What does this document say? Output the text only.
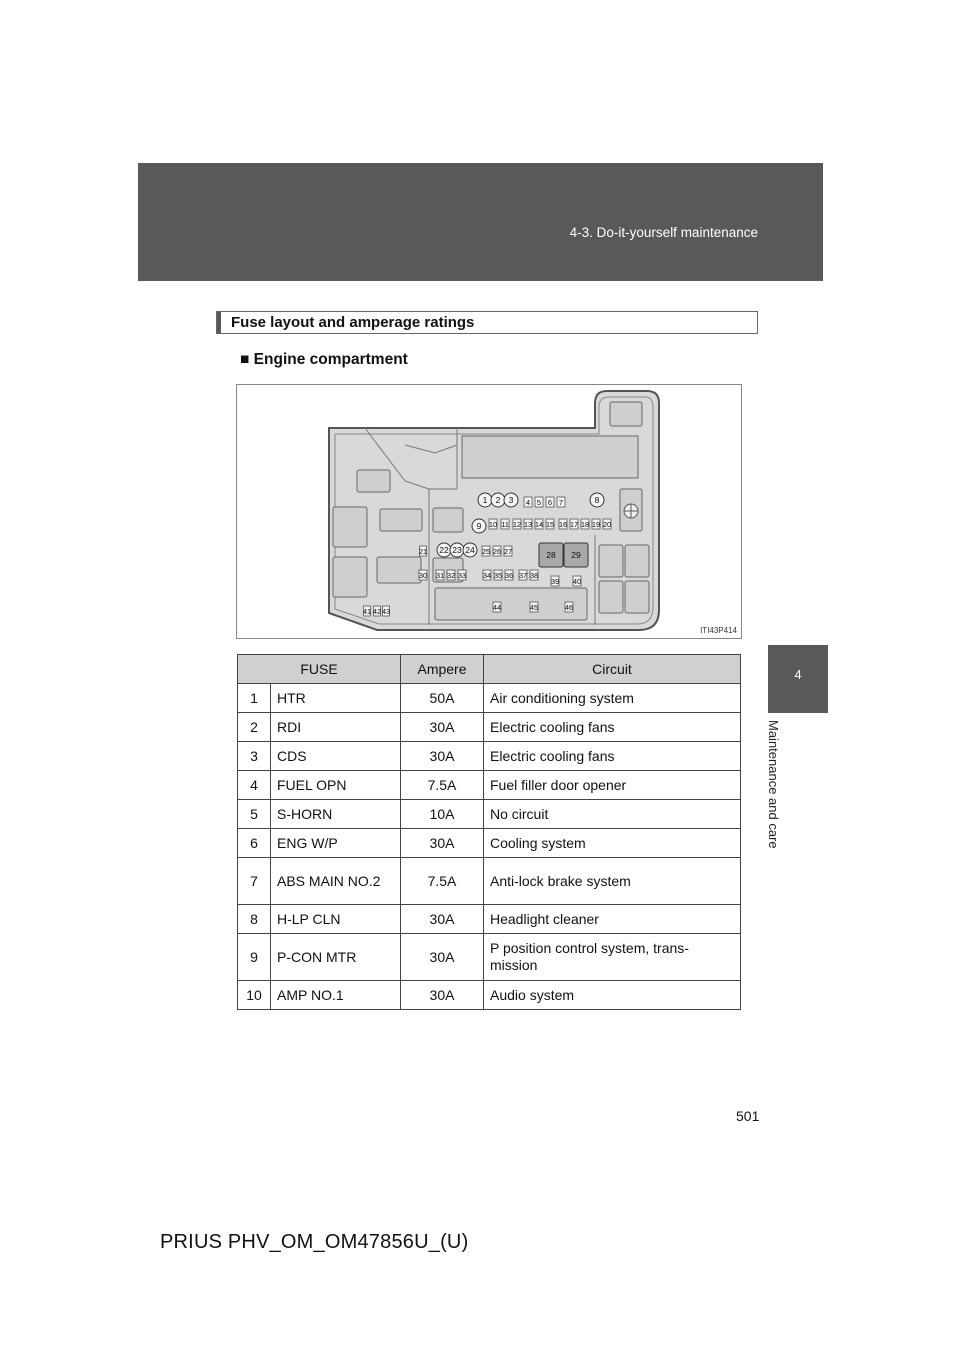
4-3. Do-it-yourself maintenance
4
Maintenance and care
Fuse layout and amperage ratings
■ Engine compartment
1 2 3 4 5 6 7	8
9 10 11 12 13 14 15 16 17 18 19 20
21 22 23 24 25 26 27	28 29
30 31 32 33 34 35 36 37 38
39 40
41 42 43	44	45	46
ITI43P414
FUSE		Ampere	Circuit
1	HTR	50A	Air conditioning system
2	RDI	30A	Electric cooling fans
3	CDS	30A	Electric cooling fans
4	FUEL OPN	7.5A	Fuel filler door opener
5	S-HORN	10A	No circuit
6	ENG W/P	30A	Cooling system
7	ABS MAIN NO.2	7.5A	Anti-lock brake system
8	H-LP CLN	30A	Headlight cleaner
9	P-CON MTR	30A	P position control system, trans-mission
10	AMP NO.1	30A	Audio system
501
PRIUS PHV_OM_OM47856U_(U)
